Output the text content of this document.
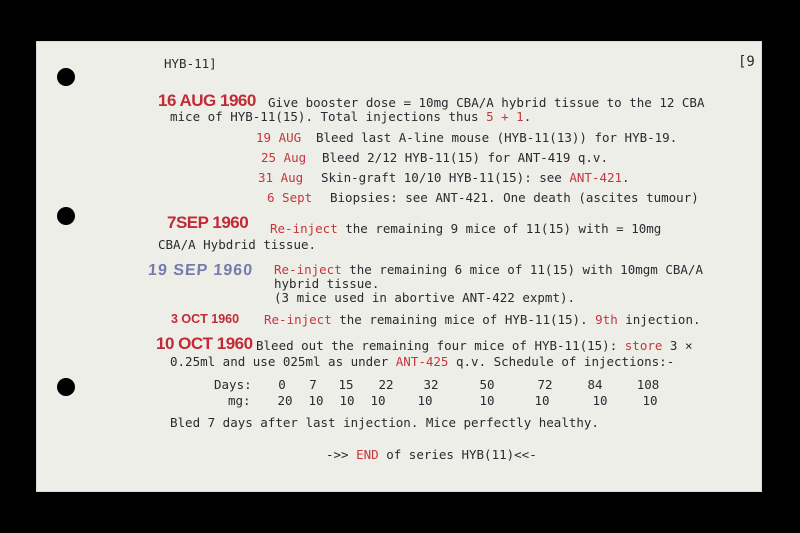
HYB-11]	[9
16 AUG 1960 Give booster dose = 10mg CBA/A hybrid tissue to the 12 CBA
mice of HYB-11(15). Total injections thus 5 + 1.
19 AUG Bleed last A-line mouse (HYB-11(13)) for HYB-19.
25 Aug Bleed 2/12 HYB-11(15) for ANT-419 q.v.
31 Aug Skin-graft 10/10 HYB-11(15): see ANT-421.
6 Sept Biopsies: see ANT-421. One death (ascites tumour)
7SEP 1960 Re-inject the remaining 9 mice of 11(15) with = 10mg
CBA/A Hybdrid tissue.
19 SEP 1960 Re-inject the remaining 6 mice of 11(15) with 10mgm CBA/A
hybrid tissue.
(3 mice used in abortive ANT-422 expmt).
3 OCT 1960 Re-inject the remaining mice of HYB-11(15). 9th injection.
10 OCT 1960 Bleed out the remaining four mice of HYB-11(15): store 3 ×
0.25ml and use 025ml as under ANT-425 q.v. Schedule of injections:-
Days:
mg:
0
20
7
10
15
10
22
10
32
10
50
10
72
10
84
10
108
10
Bled 7 days after last injection. Mice perfectly healthy.
->> END of series HYB(11)<<-
